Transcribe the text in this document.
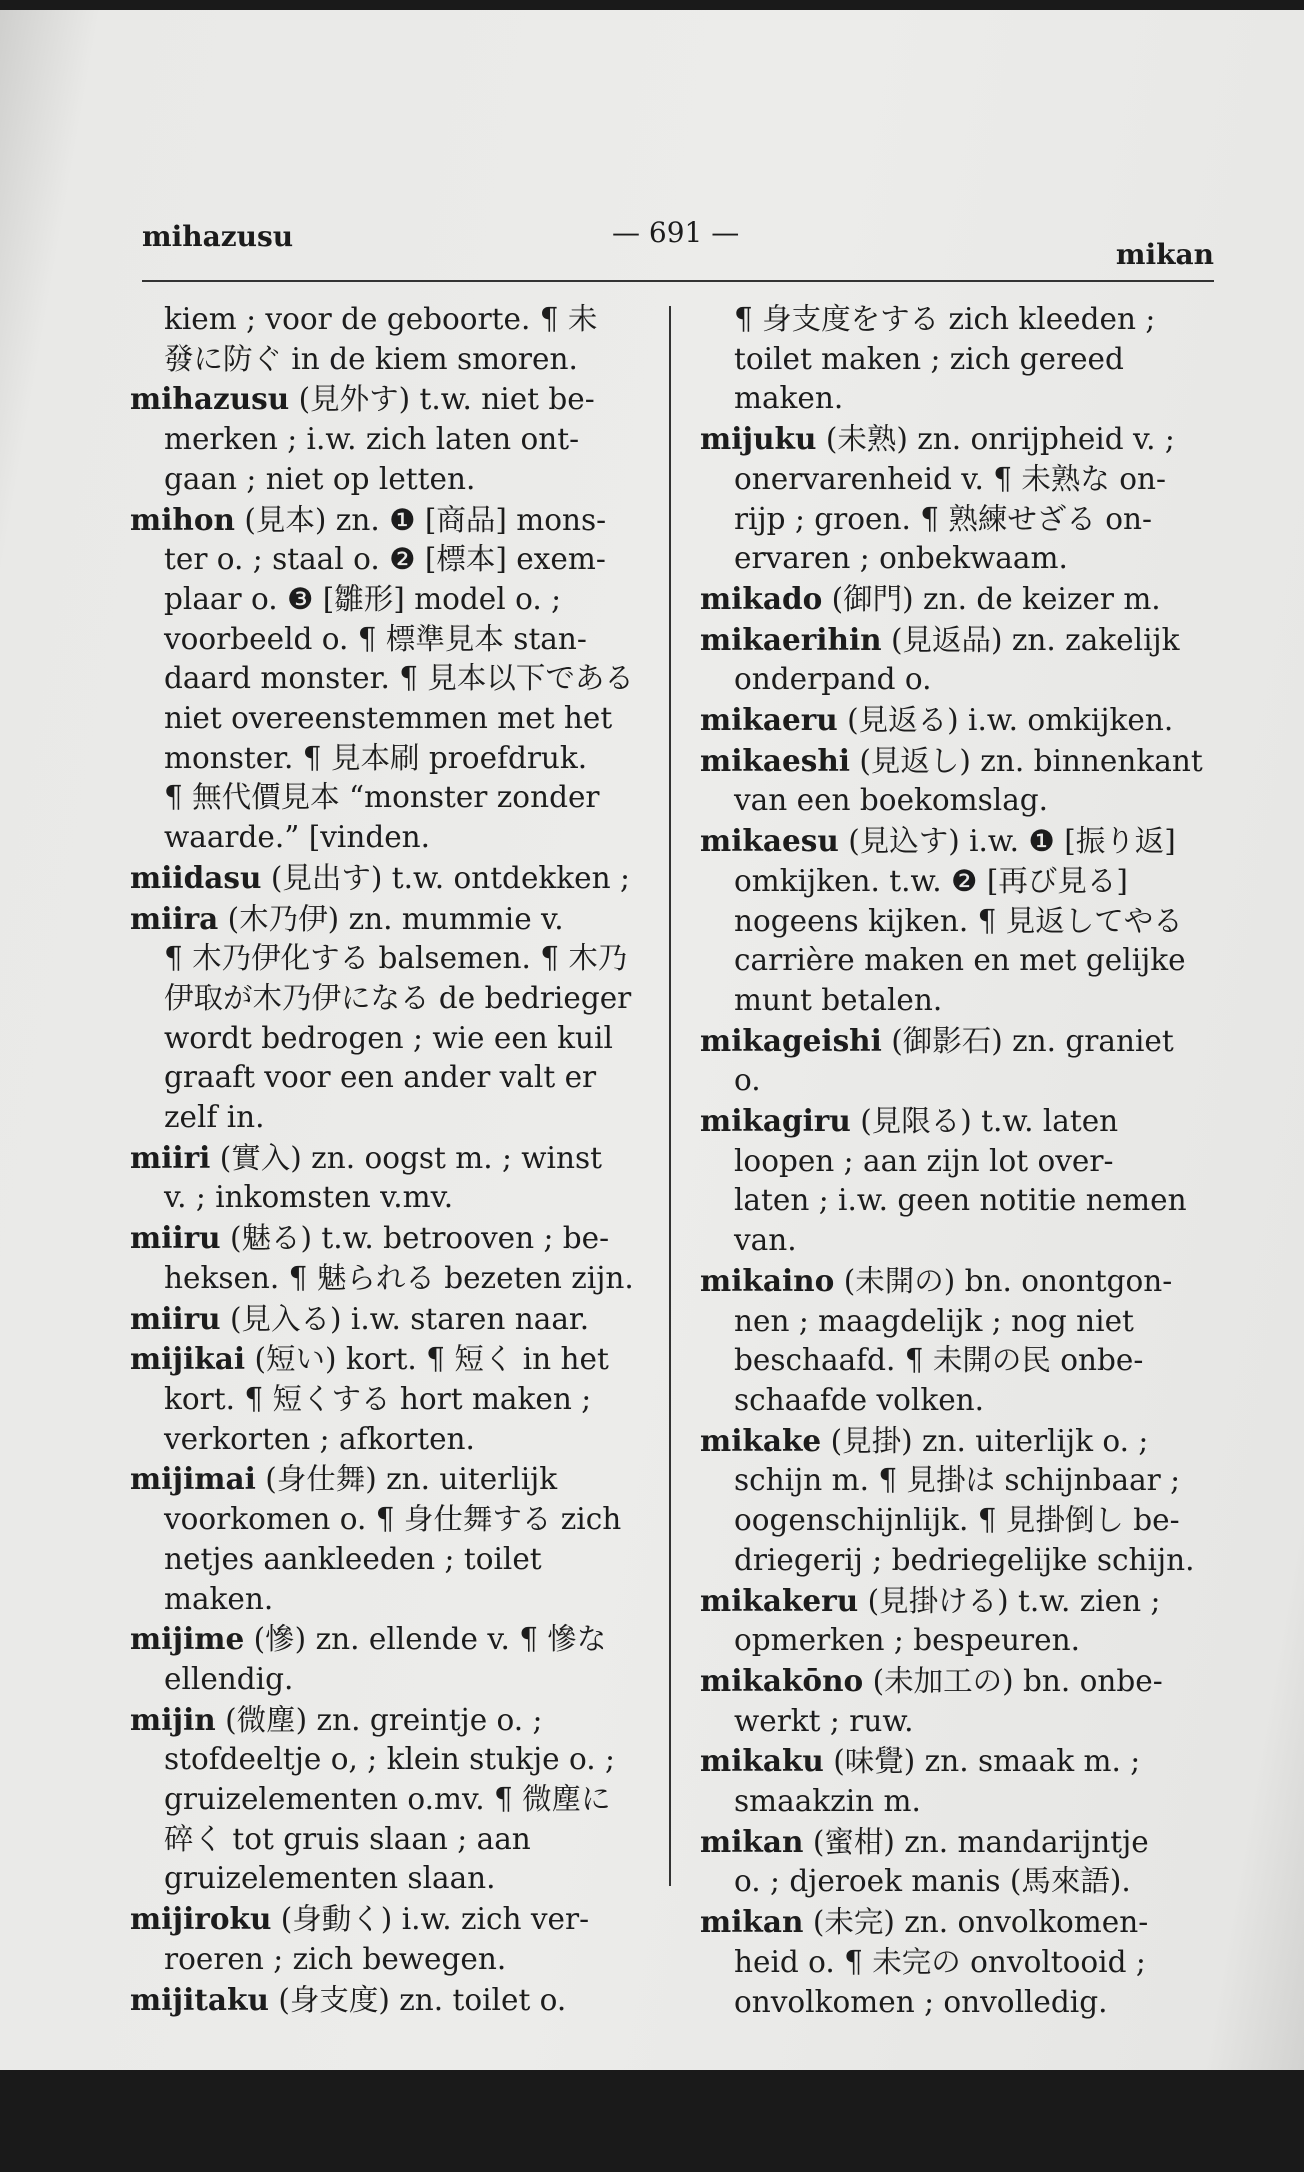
mihazusu	— 691 —
mikan
kiem ; voor de geboorte. ¶ 未
發に防ぐ in de kiem smoren.
mihazusu (見外す) t.w. niet be-
merken ; i.w. zich laten ont-
gaan ; niet op letten.
mihon (見本) zn. ❶ [商品] mons-
ter o. ; staal o. ❷ [標本] exem-
plaar o. ❸ [雛形] model o. ;
voorbeeld o. ¶ 標準見本 stan-
daard monster. ¶ 見本以下である
niet overeenstemmen met het
monster. ¶ 見本刷 proefdruk.
¶ 無代價見本 “monster zonder
waarde.” [vinden.
miidasu (見出す) t.w. ontdekken ;
miira (木乃伊) zn. mummie v.
¶ 木乃伊化する balsemen. ¶ 木乃
伊取が木乃伊になる de bedrieger
wordt bedrogen ; wie een kuil
graaft voor een ander valt er
zelf in.
miiri (實入) zn. oogst m. ; winst
v. ; inkomsten v.mv.
miiru (魅る) t.w. betrooven ; be-
heksen. ¶ 魅られる bezeten zijn.
miiru (見入る) i.w. staren naar.
mijikai (短い) kort. ¶ 短く in het
kort. ¶ 短くする hort maken ;
verkorten ; afkorten.
mijimai (身仕舞) zn. uiterlijk
voorkomen o. ¶ 身仕舞する zich
netjes aankleeden ; toilet maken.
mijime (慘) zn. ellende v. ¶ 慘な
ellendig.
mijin (微塵) zn. greintje o. ;
stofdeeltje o, ; klein stukje o. ;
gruizelementen o.mv. ¶ 微塵に
碎く tot gruis slaan ; aan
gruizelementen slaan.
mijiroku (身動く) i.w. zich ver-
roeren ; zich bewegen.
mijitaku (身支度) zn. toilet o.
¶ 身支度をする zich kleeden ;
toilet maken ; zich gereed maken.
mijuku (未熟) zn. onrijpheid v. ;
onervarenheid v. ¶ 未熟な on-
rijp ; groen. ¶ 熟練せざる on-
ervaren ; onbekwaam.
mikado (御門) zn. de keizer m.
mikaerihin (見返品) zn. zakelijk
onderpand o.
mikaeru (見返る) i.w. omkijken.
mikaeshi (見返し) zn. binnenkant
van een boekomslag.
mikaesu (見込す) i.w. ❶ [振り返]
omkijken. t.w. ❷ [再び見る]
nogeens kijken. ¶ 見返してやる
carrière maken en met gelijke
munt betalen.
mikageishi (御影石) zn. graniet
o.
mikagiru (見限る) t.w. laten
loopen ; aan zijn lot over-
laten ; i.w. geen notitie nemen
van.
mikaino (未開の) bn. onontgon-
nen ; maagdelijk ; nog niet
beschaafd. ¶ 未開の民 onbe-
schaafde volken.
mikake (見掛) zn. uiterlijk o. ;
schijn m. ¶ 見掛は schijnbaar ;
oogenschijnlijk. ¶ 見掛倒し be-
driegerij ; bedriegelijke schijn.
mikakeru (見掛ける) t.w. zien ;
opmerken ; bespeuren.
mikakōno (未加工の) bn. onbe-
werkt ; ruw.
mikaku (味覺) zn. smaak m. ;
smaakzin m.
mikan (蜜柑) zn. mandarijntje
o. ; djeroek manis (馬來語).
mikan (未完) zn. onvolkomen-
heid o. ¶ 未完の onvoltooid ;
onvolkomen ; onvolledig.
